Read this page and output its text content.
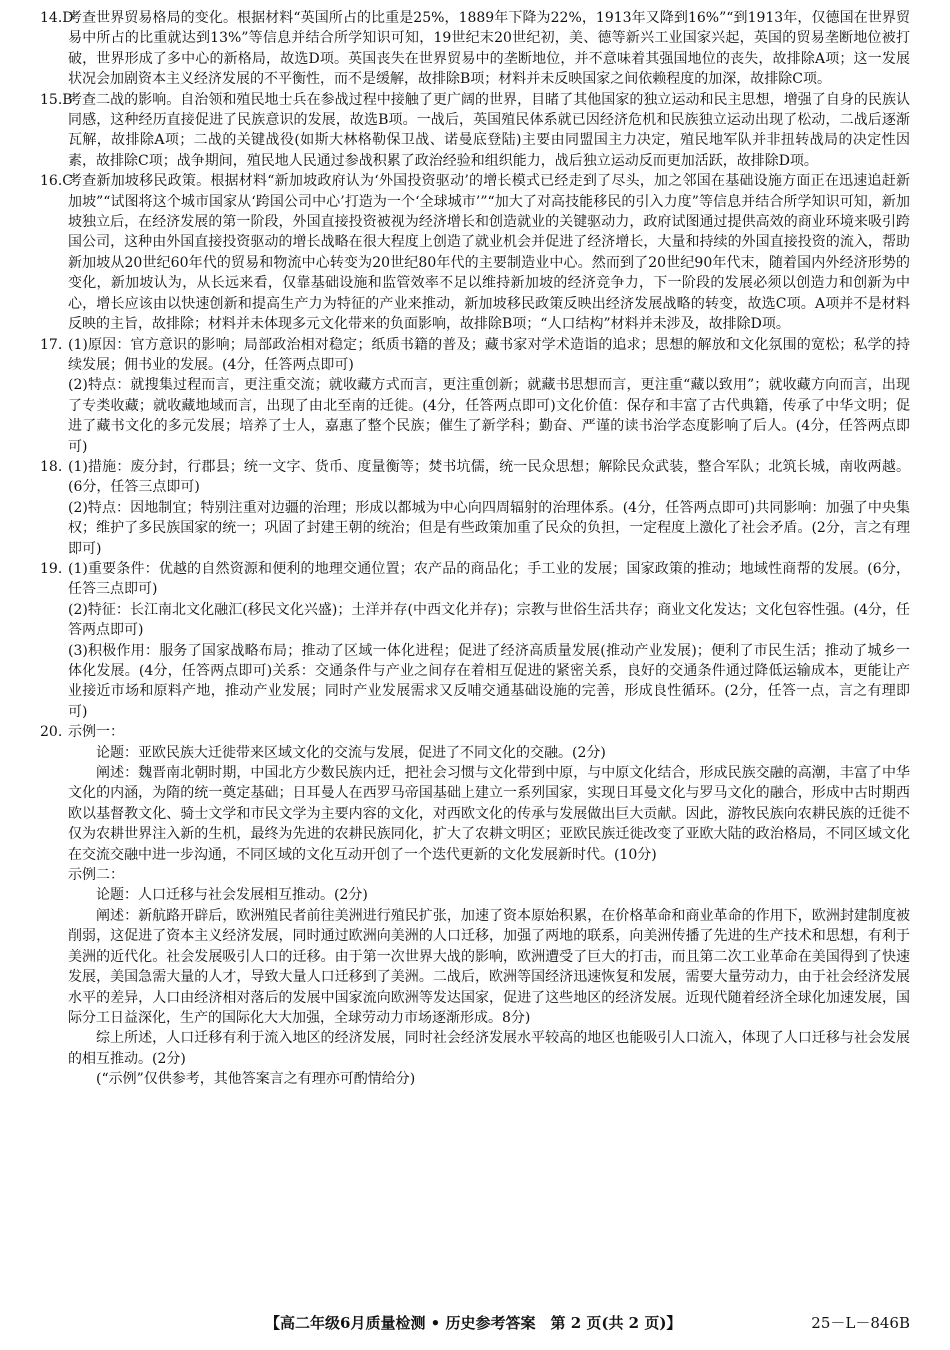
14.D

考查世界贸易格局的变化。根据材料“英国所占的比重是25%，1889年下降为22%，1913年又降到16%”“到1913年，仅德国在世界贸易中所占的比重就达到13%”等信息并结合所学知识可知，19世纪末20世纪初，美、德等新兴工业国家兴起，英国的贸易垄断地位被打破，世界形成了多中心的新格局，故选D项。英国丧失在世界贸易中的垄断地位，并不意味着其强国地位的丧失，故排除A项；这一发展状况会加剧资本主义经济发展的不平衡性，而不是缓解，故排除B项；材料并未反映国家之间依赖程度的加深，故排除C项。

15.B

考查二战的影响。自治领和殖民地士兵在参战过程中接触了更广阔的世界，目睹了其他国家的独立运动和民主思想，增强了自身的民族认同感，这种经历直接促进了民族意识的发展，故选B项。一战后，英国殖民体系就已因经济危机和民族独立运动出现了松动，二战后逐渐瓦解，故排除A项；二战的关键战役(如斯大林格勒保卫战、诺曼底登陆)主要由同盟国主力决定，殖民地军队并非扭转战局的决定性因素，故排除C项；战争期间，殖民地人民通过参战积累了政治经验和组织能力，战后独立运动反而更加活跃，故排除D项。

16.C

考查新加坡移民政策。根据材料“新加坡政府认为‘外国投资驱动’的增长模式已经走到了尽头，加之邻国在基础设施方面正在迅速追赶新加坡”“试图将这个城市国家从‘跨国公司中心’打造为一个‘全球城市’”“加大了对高技能移民的引入力度”等信息并结合所学知识可知，新加坡独立后，在经济发展的第一阶段，外国直接投资被视为经济增长和创造就业的关键驱动力，政府试图通过提供高效的商业环境来吸引跨国公司，这种由外国直接投资驱动的增长战略在很大程度上创造了就业机会并促进了经济增长，大量和持续的外国直接投资的流入，帮助新加坡从20世纪60年代的贸易和物流中心转变为20世纪80年代的主要制造业中心。然而到了20世纪90年代末，随着国内外经济形势的变化，新加坡认为，从长远来看，仅靠基础设施和监管效率不足以维持新加坡的经济竞争力，下一阶段的发展必须以创造力和创新为中心，增长应该由以快速创新和提高生产力为特征的产业来推动，新加坡移民政策反映出经济发展战略的转变，故选C项。A项并不是材料反映的主旨，故排除；材料并未体现多元文化带来的负面影响，故排除B项；“人口结构”材料并未涉及，故排除D项。

17. (1)原因：官方意识的影响；局部政治相对稳定；纸质书籍的普及；藏书家对学术造诣的追求；思想的解放和文化氛围的宽松；私学的持续发展；佣书业的发展。(4分，任答两点即可)

(2)特点：就搜集过程而言，更注重交流；就收藏方式而言，更注重创新；就藏书思想而言，更注重“藏以致用”；就收藏方向而言，出现了专类收藏；就收藏地域而言，出现了由北至南的迁徙。(4分，任答两点即可)文化价值：保存和丰富了古代典籍，传承了中华文明；促进了藏书文化的多元发展；培养了士人，嘉惠了整个民族；催生了新学科；勤奋、严谨的读书治学态度影响了后人。(4分，任答两点即可)

18. (1)措施：废分封，行郡县；统一文字、货币、度量衡等；焚书坑儒，统一民众思想；解除民众武装，整合军队；北筑长城，南收两越。(6分，任答三点即可)

(2)特点：因地制宜；特别注重对边疆的治理；形成以都城为中心向四周辐射的治理体系。(4分，任答两点即可)共同影响：加强了中央集权；维护了多民族国家的统一；巩固了封建王朝的统治；但是有些政策加重了民众的负担，一定程度上激化了社会矛盾。(2分，言之有理即可)

19. (1)重要条件：优越的自然资源和便利的地理交通位置；农产品的商品化；手工业的发展；国家政策的推动；地域性商帮的发展。(6分，任答三点即可)

(2)特征：长江南北文化融汇(移民文化兴盛)；土洋并存(中西文化并存)；宗教与世俗生活共存；商业文化发达；文化包容性强。(4分，任答两点即可)

(3)积极作用：服务了国家战略布局；推动了区域一体化进程；促进了经济高质量发展(推动产业发展)；便利了市民生活；推动了城乡一体化发展。(4分，任答两点即可)关系：交通条件与产业之间存在着相互促进的紧密关系，良好的交通条件通过降低运输成本，更能让产业接近市场和原料产地，推动产业发展；同时产业发展需求又反哺交通基础设施的完善，形成良性循环。(2分，任答一点，言之有理即可)

20. 示例一：

论题：亚欧民族大迁徙带来区域文化的交流与发展，促进了不同文化的交融。(2分)

阐述：魏晋南北朝时期，中国北方少数民族内迁，把社会习惯与文化带到中原，与中原文化结合，形成民族交融的高潮，丰富了中华文化的内涵，为隋的统一奠定基础；日耳曼人在西罗马帝国基础上建立一系列国家，实现日耳曼文化与罗马文化的融合，形成中古时期西欧以基督教文化、骑士文学和市民文学为主要内容的文化，对西欧文化的传承与发展做出巨大贡献。因此，游牧民族向农耕民族的迁徙不仅为农耕世界注入新的生机，最终为先进的农耕民族同化，扩大了农耕文明区；亚欧民族迁徙改变了亚欧大陆的政治格局，不同区域文化在交流交融中进一步沟通，不同区域的文化互动开创了一个迭代更新的文化发展新时代。(10分)

示例二：

论题：人口迁移与社会发展相互推动。(2分)

阐述：新航路开辟后，欧洲殖民者前往美洲进行殖民扩张，加速了资本原始积累，在价格革命和商业革命的作用下，欧洲封建制度被削弱，这促进了资本主义经济发展，同时通过欧洲向美洲的人口迁移，加强了两地的联系，向美洲传播了先进的生产技术和思想，有利于美洲的近代化。社会发展吸引人口的迁移。由于第一次世界大战的影响，欧洲遭受了巨大的打击，而且第二次工业革命在美国得到了快速发展，美国急需大量的人才，导致大量人口迁移到了美洲。二战后，欧洲等国经济迅速恢复和发展，需要大量劳动力，由于社会经济发展水平的差异，人口由经济相对落后的发展中国家流向欧洲等发达国家，促进了这些地区的经济发展。近现代随着经济全球化加速发展，国际分工日益深化，生产的国际化大大加强，全球劳动力市场逐渐形成。8分)

综上所述，人口迁移有利于流入地区的经济发展，同时社会经济发展水平较高的地区也能吸引人口流入，体现了人口迁移与社会发展的相互推动。(2分)

(“示例”仅供参考，其他答案言之有理亦可酌情给分)

【高二年级6月质量检测 • 历史参考答案　第 2 页(共 2 页)】	25－L－846B
